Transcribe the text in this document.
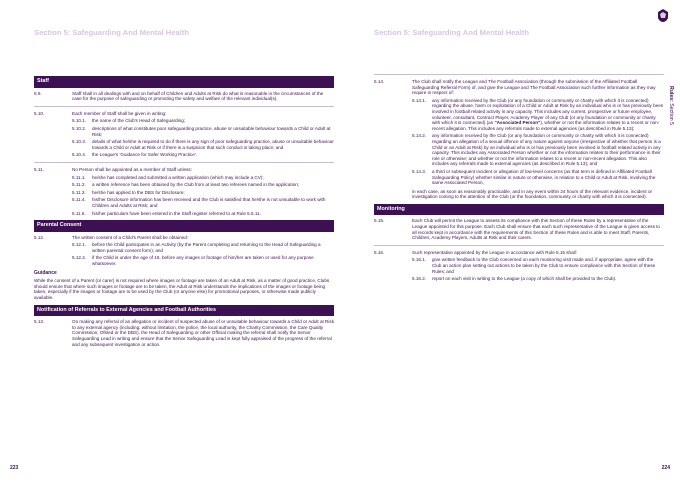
Section 5: Safeguarding And Mental Health
Staff
5.9.	Staff shall in all dealings with and on behalf of Children and Adults at Risk do what is reasonable in the circumstances of the case for the purpose of safeguarding or promoting the safety and welfare of the relevant individual(s).
5.10.	Each member of Staff shall be given in writing:
5.10.1.	the name of the Club's Head of Safeguarding;
5.10.2.	descriptions of what constitutes poor safeguarding practice, abuse or unsuitable behaviour towards a Child or Adult at Risk;
5.10.3.	details of what he/she is required to do if there is any sign of poor safeguarding practice, abuse or unsuitable behaviour towards a Child or Adult at Risk or if there is a suspicion that such conduct is taking place; and
5.10.4.	the League's 'Guidance for Safer Working Practice'.
5.11.	No Person shall be appointed as a member of Staff unless:
5.11.1.	he/she has completed and submitted a written application (which may include a CV);
5.11.2.	a written reference has been obtained by the Club from at least two referees named in the application;
5.11.3.	he/she has applied to the DBS for Disclosure;
5.11.4.	his/her Disclosure information has been received and the Club is satisfied that he/she is not unsuitable to work with Children and Adults at Risk; and
5.11.5.	his/her particulars have been entered in the Staff register referred to at Rule 5.5.11.
Parental Consent
5.12.	The written consent of a Child's Parent shall be obtained:
5.12.1.	before the Child participates in an Activity (by the Parent completing and returning to the Head of Safeguarding a written parental consent form); and
5.12.2.	if the Child is under the age of 16, before any images or footage of him/her are taken or used for any purpose whatsoever.
Guidance
While the consent of a Parent (or carer) is not required where images or footage are taken of an Adult at Risk, as a matter of good practice, Clubs should ensure that where such images or footage are to be taken, the Adult at Risk understands the implications of the images or footage being taken, especially if the images or footage are to be used by the Club (or anyone else) for promotional purposes, or otherwise made publicly available.
Notification of Referrals to External Agencies and Football Authorities
5.13.	On making any referral of an allegation or incident of suspected abuse of or unsuitable behaviour towards a Child or Adult at Risk to any external agency (including, without limitation, the police, the local authority, the Charity Commission, the Care Quality Commission, Ofsted or the DBS), the Head of Safeguarding or other Official making the referral shall notify the Senior Safeguarding Lead in writing and ensure that the Senior Safeguarding Lead is kept fully appraised of the progress of the referral and any subsequent investigation or action.
223
Section 5: Safeguarding And Mental Health
Rules: Section 5
5.14.	The Club shall notify the League and The Football Association (through the submission of the Affiliated Football Safeguarding Referral Form) of, and give the League and The Football Association such further information as they may require in respect of:
5.14.1.	any information received by the Club (or any foundation or community or charity with which it is connected) regarding the abuse, harm or exploitation of a Child or Adult at Risk by an individual who is or has previously been involved in football related activity in any capacity. This includes any current, prospective or future employee, volunteer, consultant, Contract Player, Academy Player of any Club (or any foundation or community or charity with which it is connected) (an "Associated Person"), whether or not the information relates to a recent or non-recent allegation. This includes any referrals made to external agencies (as described in Rule 5.13);
5.14.2.	any information received by the Club (or any foundation or community or charity with which it is connected) regarding an allegation of a sexual offence of any nature against anyone (irrespective of whether that person is a Child or an Adult at Risk) by an individual who is or has previously been involved in football related activity in any capacity. This includes any Associated Person whether or not the information relates to their performance in their role or otherwise; and whether or not the information relates to a recent or non-recent allegation. This also includes any referrals made to external agencies (as described in Rule 5.13); and
5.14.3.	a third or subsequent incident or allegation of low-level concerns (as that term is defined in Affiliated Football Safeguarding Policy) whether similar in nature or otherwise, in relation to a Child or Adult at Risk, involving the same Associated Person,
in each case, as soon as reasonably practicable, and in any event within 24 hours of the relevant evidence, incident or investigation coming to the attention of the Club (or the foundation, community or charity with which it is connected).
Monitoring
5.15.	Each Club will permit the League to assess its compliance with this Section of these Rules by a representative of the League appointed for this purpose. Each Club shall ensure that each such representative of the League is given access to all records kept in accordance with the requirements of this Section of these Rules and is able to meet Staff, Parents, Children, Academy Players, Adults at Risk and their carers.
5.16.	Such representative appointed by the League in accordance with Rule 5.15 shall:
5.16.1.	give written feedback to the Club concerned on each monitoring visit made and, if appropriate, agree with the Club an action plan setting out actions to be taken by the Club to ensure compliance with this Section of these Rules; and
5.16.2.	report on each visit in writing to the League (a copy of which shall be provided to the Club).
224
